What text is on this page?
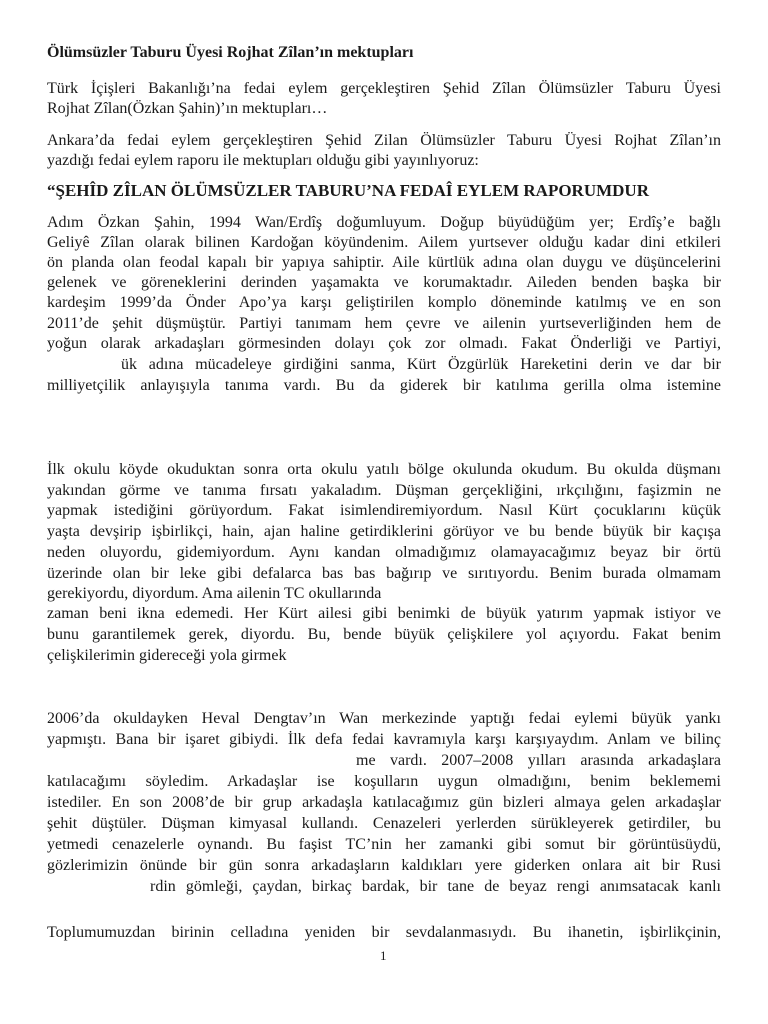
Ölümsüzler Taburu Üyesi Rojhat Zîlan’ın mektupları
Türk İçişleri Bakanlığı’na fedai eylem gerçekleştiren Şehid Zîlan Ölümsüzler Taburu Üyesi
Rojhat Zîlan(Özkan Şahin)’ın mektupları…
Ankara’da fedai eylem gerçekleştiren Şehid Zilan Ölümsüzler Taburu Üyesi Rojhat Zîlan’ın
yazdığı fedai eylem raporu ile mektupları olduğu gibi yayınlıyoruz:
“ŞEHÎD ZÎLAN ÖLÜMSÜZLER TABURU’NA FEDAÎ EYLEM RAPORUMDUR
Adım Özkan Şahin, 1994 Wan/Erdîş doğumluyum. Doğup büyüdüğüm yer; Erdîş’e bağlı
Geliyê Zîlan olarak bilinen Kardoğan köyündenim. Ailem yurtsever olduğu kadar dini etkileri
ön planda olan feodal kapalı bir yapıya sahiptir. Aile kürtlük adına olan duygu ve düşüncelerini
gelenek ve göreneklerini derinden yaşamakta ve korumaktadır. Aileden benden başka bir
kardeşim 1999’da Önder Apo’ya karşı geliştirilen komplo döneminde katılmış ve en son
2011’de şehit düşmüştür. Partiyi tanımam hem çevre ve ailenin yurtseverliğinden hem de
yoğun olarak arkadaşları görmesinden dolayı çok zor olmadı. Fakat Önderliği ve Partiyi,
ük adına mücadeleye girdiğini sanma, Kürt Özgürlük Hareketini derin ve dar bir
milliyetçilik anlayışıyla tanıma vardı. Bu da giderek bir katılıma gerilla olma istemine
İlk okulu köyde okuduktan sonra orta okulu yatılı bölge okulunda okudum. Bu okulda düşmanı
yakından görme ve tanıma fırsatı yakaladım. Düşman gerçekliğini, ırkçılığını, faşizmin ne
yapmak istediğini görüyordum. Fakat isimlendiremiyordum. Nasıl Kürt çocuklarını küçük
yaşta devşirip işbirlikçi, hain, ajan haline getirdiklerini görüyor ve bu bende büyük bir kaçışa
neden oluyordu, gidemiyordum. Aynı kandan olmadığımız olamayacağımız beyaz bir örtü
üzerinde olan bir leke gibi defalarca bas bas bağırıp ve sırıtıyordu. Benim burada olmamam
gerekiyordu, diyordum. Ama ailenin TC okullarında
zaman beni ikna edemedi. Her Kürt ailesi gibi benimki de büyük yatırım yapmak istiyor ve
bunu garantilemek gerek, diyordu. Bu, bende büyük çelişkilere yol açıyordu. Fakat benim
çelişkilerimin gidereceği yola girmek
2006’da okuldayken Heval Dengtav’ın Wan merkezinde yaptığı fedai eylemi büyük yankı
yapmıştı. Bana bir işaret gibiydi. İlk defa fedai kavramıyla karşı karşıyaydım. Anlam ve bilinç
me vardı. 2007–2008 yılları arasında arkadaşlara
katılacağımı söyledim. Arkadaşlar ise koşulların uygun olmadığını, benim beklememi
istediler. En son 2008’de bir grup arkadaşla katılacağımız gün bizleri almaya gelen arkadaşlar
şehit düştüler. Düşman kimyasal kullandı. Cenazeleri yerlerden sürükleyerek getirdiler, bu
yetmedi cenazelerle oynandı. Bu faşist TC’nin her zamanki gibi somut bir görüntüsüydü,
gözlerimizin önünde bir gün sonra arkadaşların kaldıkları yere giderken onlara ait bir Rusi
rdin gömleği, çaydan, birkaç bardak, bir tane de beyaz rengi anımsatacak kanlı
Toplumumuzdan birinin celladına yeniden bir sevdalanmasıydı. Bu ihanetin, işbirlikçinin,
1
